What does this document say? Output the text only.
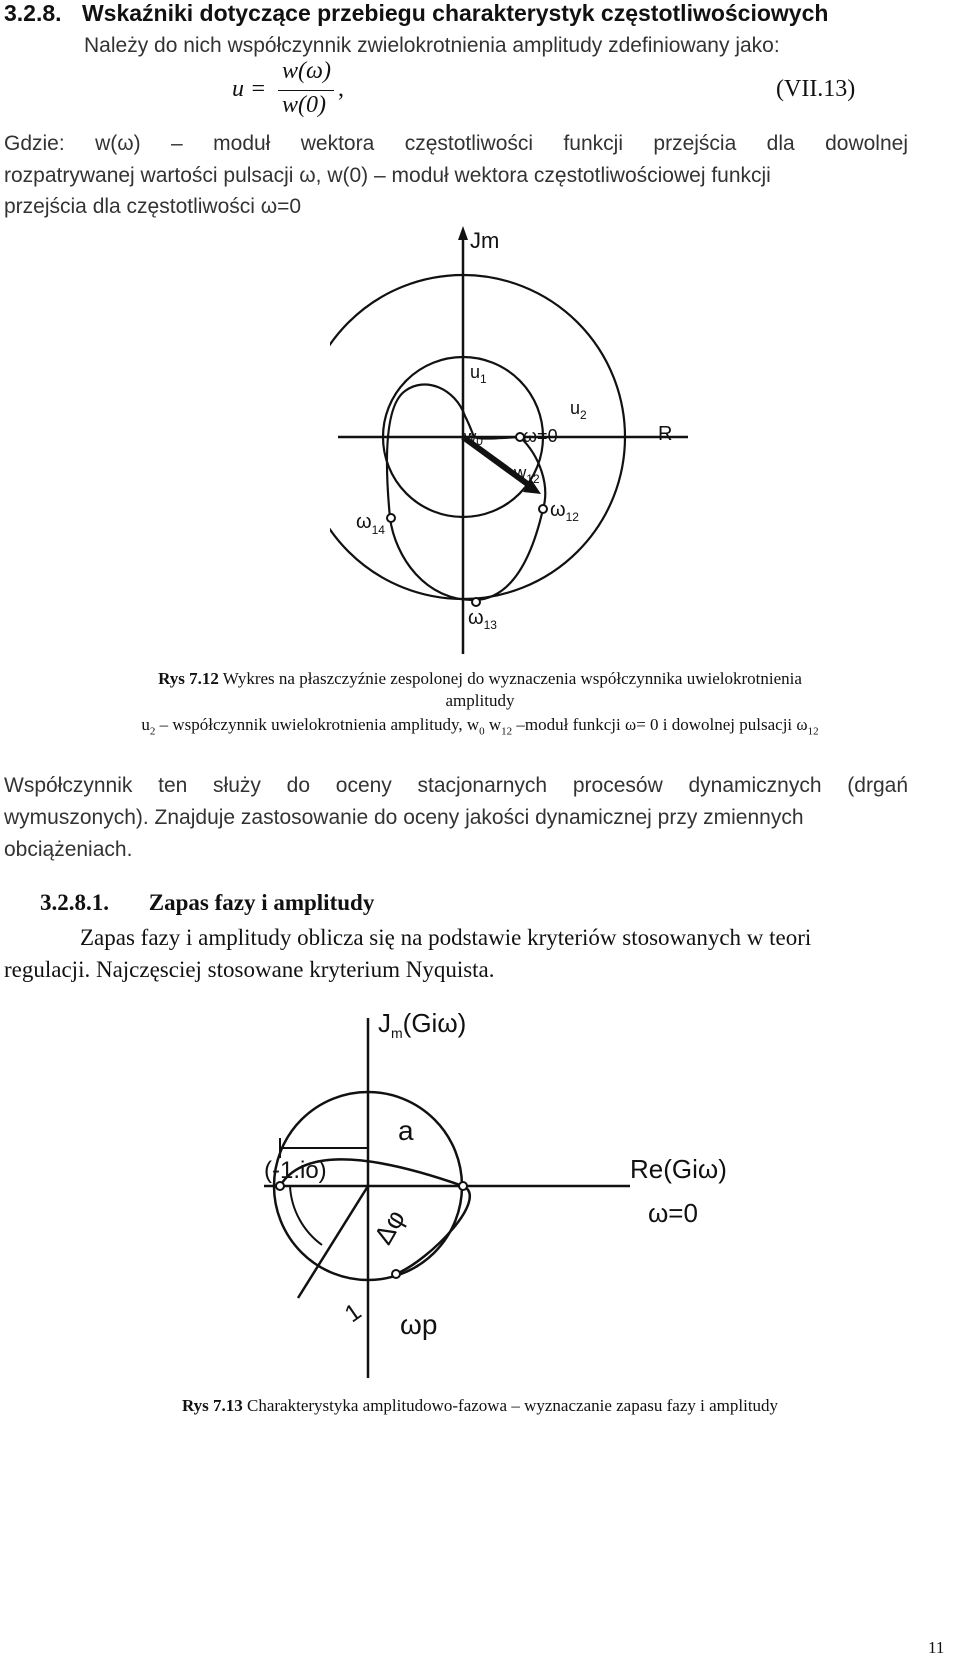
3.2.8. Wskaźniki dotyczące przebiegu charakterystyk częstotliwościowych
Należy do nich współczynnik zwielokrotnienia amplitudy zdefiniowany jako:
u =
w(ω)
w(0)
,	(VII.13)
Gdzie: w(ω) – moduł wektora częstotliwości funkcji przejścia dla dowolnej
rozpatrywanej wartości pulsacji ω, w(0) – moduł wektora częstotliwościowej funkcji
przejścia dla częstotliwości ω=0
Jm
$u_1$
$u_2$
w0 ω=0	R
$w_{12}$
$\omega_{12}$
$\omega_{14}$
$\omega_{13}$
Rys 7.12 Wykres na płaszczyźnie zespolonej do wyznaczenia współczynnika uwielokrotnienia
amplitudy
$u_2$ – współczynnik uwielokrotnienia amplitudy, $w_0$ $w_{12}$ –moduł funkcji ω= 0 i dowolnej pulsacji $\omega_{12}$
Współczynnik ten służy do oceny stacjonarnych procesów dynamicznych (drgań
wymuszonych). Znajduje zastosowanie do oceny jakości dynamicznej przy zmiennych
obciążeniach.
3.2.8.1. Zapas fazy i amplitudy
Zapas fazy i amplitudy oblicza się na podstawie kryteriów stosowanych w teori
regulacji. Najczęsciej stosowane kryterium Nyquista.
$J_m(Gi\omega)$
a
(-1.io)	Re(Giω)
ω=0
Δφ
1 ωp
Rys 7.13 Charakterystyka amplitudowo-fazowa – wyznaczanie zapasu fazy i amplitudy
11
